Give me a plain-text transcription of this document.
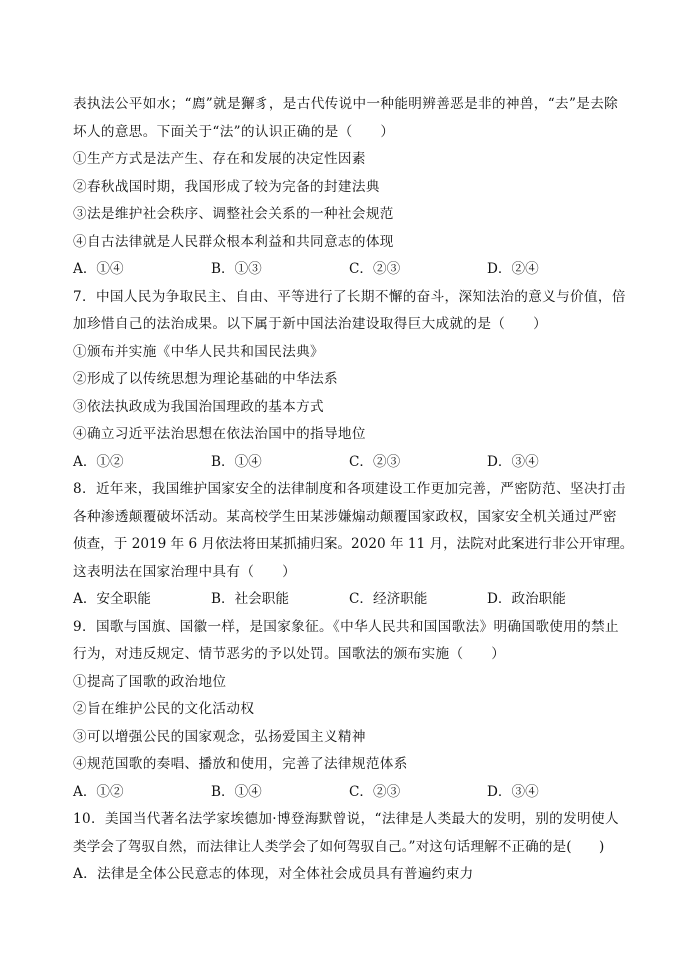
表执法公平如水；“廌”就是獬豸，是古代传说中一种能明辨善恶是非的神兽，“去”是去除
坏人的意思。下面关于“法”的认识正确的是（　　）
①生产方式是法产生、存在和发展的决定性因素
②春秋战国时期，我国形成了较为完备的封建法典
③法是维护社会秩序、调整社会关系的一种社会规范
④自古法律就是人民群众根本利益和共同意志的体现
A．①④	B．①③	C．②③	D．②④
7．中国人民为争取民主、自由、平等进行了长期不懈的奋斗，深知法治的意义与价值，倍
加珍惜自己的法治成果。以下属于新中国法治建设取得巨大成就的是（　　）
①颁布并实施《中华人民共和国民法典》
②形成了以传统思想为理论基础的中华法系
③依法执政成为我国治国理政的基本方式
④确立习近平法治思想在依法治国中的指导地位
A．①②	B．①④	C．②③	D．③④
8．近年来，我国维护国家安全的法律制度和各项建设工作更加完善，严密防范、坚决打击
各种渗透颠覆破坏活动。某高校学生田某涉嫌煽动颠覆国家政权，国家安全机关通过严密
侦查，于 2019 年 6 月依法将田某抓捕归案。2020 年 11 月，法院对此案进行非公开审理。
这表明法在国家治理中具有（　　）
A．安全职能	B．社会职能	C．经济职能	D．政治职能
9．国歌与国旗、国徽一样，是国家象征。《中华人民共和国国歌法》明确国歌使用的禁止
行为，对违反规定、情节恶劣的予以处罚。国歌法的颁布实施（　　）
①提高了国歌的政治地位
②旨在维护公民的文化活动权
③可以增强公民的国家观念，弘扬爱国主义精神
④规范国歌的奏唱、播放和使用，完善了法律规范体系
A．①②	B．①④	C．②③	D．③④
10．美国当代著名法学家埃德加·博登海默曾说，“法律是人类最大的发明，别的发明使人
类学会了驾驭自然，而法律让人类学会了如何驾驭自己。”对这句话理解不正确的是(　　)
A．法律是全体公民意志的体现，对全体社会成员具有普遍约束力
